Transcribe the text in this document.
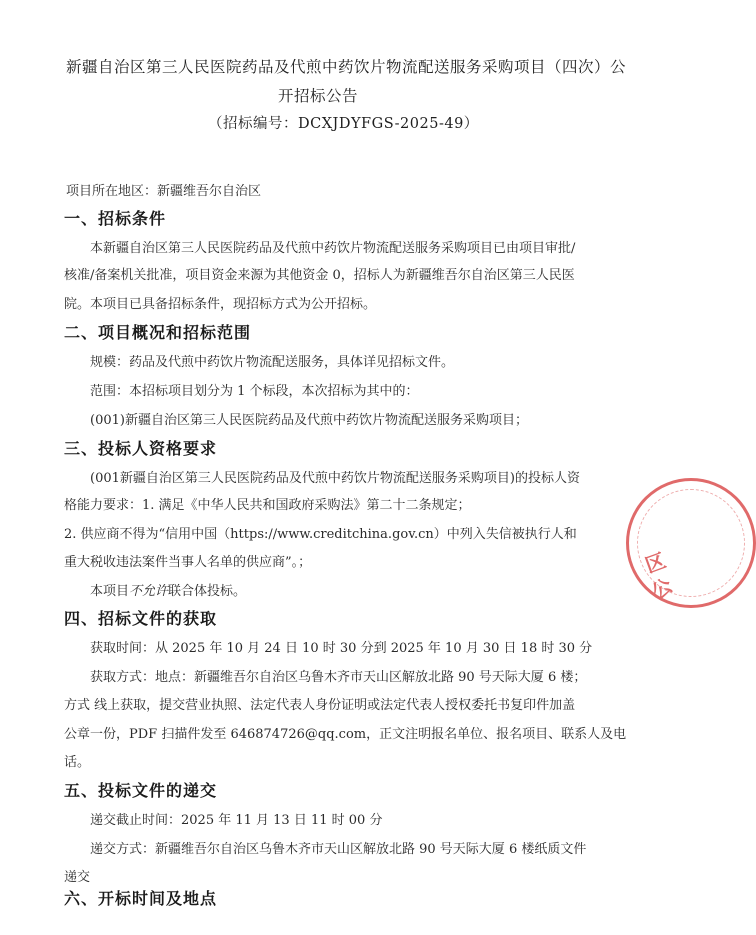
新疆自治区第三人民医院药品及代煎中药饮片物流配送服务采购项目（四次）公
开招标公告
（招标编号：DCXJDYFGS-2025-49）
项目所在地区：新疆维吾尔自治区
一、招标条件
本新疆自治区第三人民医院药品及代煎中药饮片物流配送服务采购项目已由项目审批/
核准/备案机关批准，项目资金来源为其他资金 0，招标人为新疆维吾尔自治区第三人民医
院。本项目已具备招标条件，现招标方式为公开招标。
二、项目概况和招标范围
规模：药品及代煎中药饮片物流配送服务，具体详见招标文件。
范围：本招标项目划分为 1 个标段，本次招标为其中的：
(001)新疆自治区第三人民医院药品及代煎中药饮片物流配送服务采购项目；
三、投标人资格要求
(001新疆自治区第三人民医院药品及代煎中药饮片物流配送服务采购项目)的投标人资
格能力要求：1. 满足《中华人民共和国政府采购法》第二十二条规定；
2. 供应商不得为“信用中国（https://www.creditchina.gov.cn）中列入失信被执行人和
重大税收违法案件当事人名单的供应商”。；
本项目不允许联合体投标。
四、招标文件的获取
获取时间：从 2025 年 10 月 24 日 10 时 30 分到 2025 年 10 月 30 日 18 时 30 分
获取方式：地点：新疆维吾尔自治区乌鲁木齐市天山区解放北路 90 号天际大厦 6 楼；
方式 线上获取，提交营业执照、法定代表人身份证明或法定代表人授权委托书复印件加盖
公章一份，PDF 扫描件发至 646874726@qq.com，正文注明报名单位、报名项目、联系人及电
话。
五、投标文件的递交
递交截止时间：2025 年 11 月 13 日 11 时 00 分
递交方式：新疆维吾尔自治区乌鲁木齐市天山区解放北路 90 号天际大厦 6 楼纸质文件
递交
六、开标时间及地点
区
公
